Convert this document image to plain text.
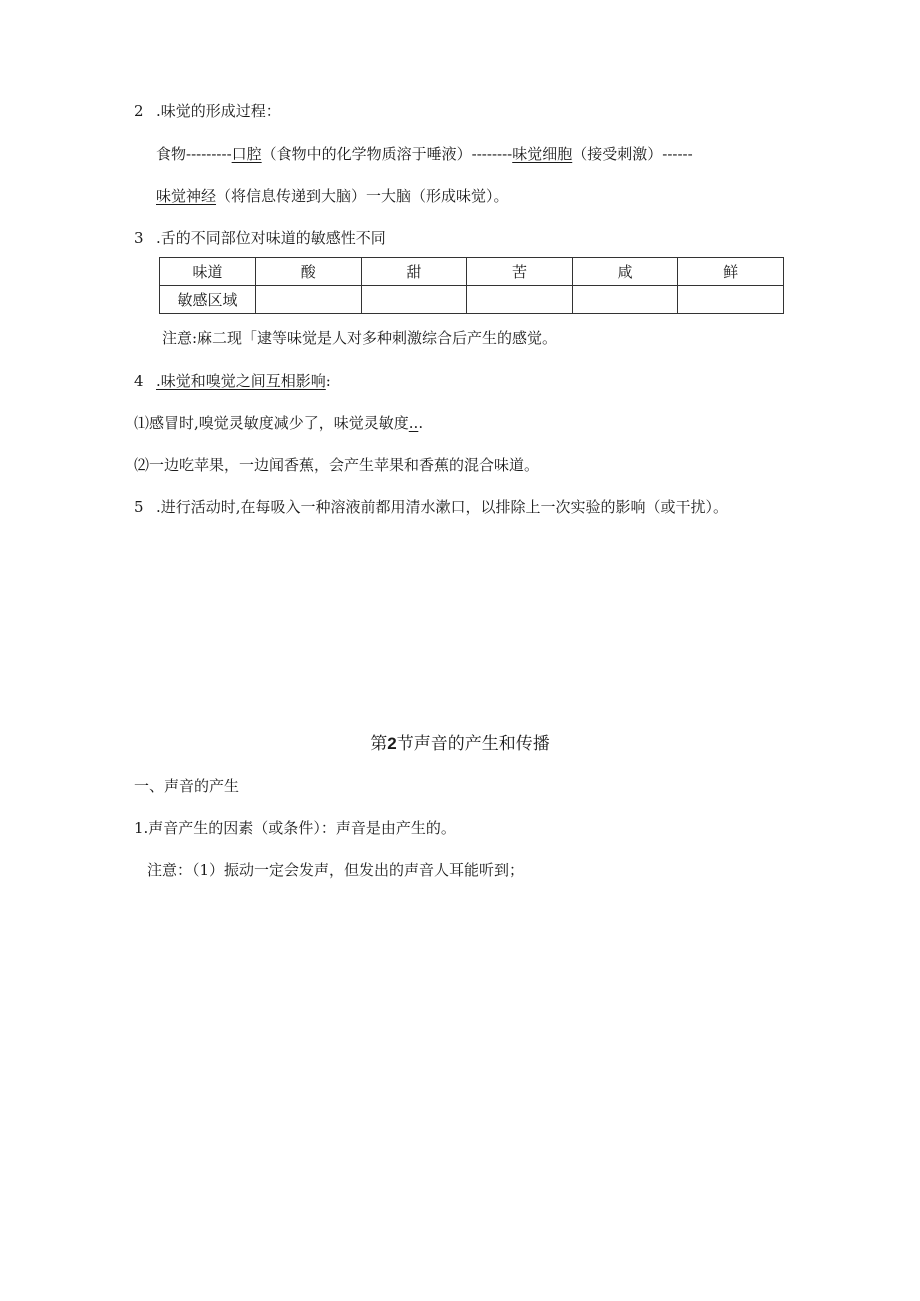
2 .味觉的形成过程：
食物---------口腔（食物中的化学物质溶于唾液）--------味觉细胞（接受刺激）------
味觉神经（将信息传递到大脑）一大脑（形成味觉）。
3 .舌的不同部位对味道的敏感性不同
味道	酸	甜	苦	咸	鲜
敏感区域					
注意:麻二现「逮等味觉是人对多种刺激综合后产生的感觉。
4 .味觉和嗅觉之间互相影响:
⑴感冒时,嗅觉灵敏度减少了，味觉灵敏度...
⑵一边吃苹果，一边闻香蕉，会产生苹果和香蕉的混合味道。
5 .进行活动时,在每吸入一种溶液前都用清水漱口，以排除上一次实验的影响（或干扰）。
第2节声音的产生和传播
一、声音的产生
1.声音产生的因素（或条件）：声音是由产生的。
注意：（1）振动一定会发声，但发出的声音人耳能听到；
